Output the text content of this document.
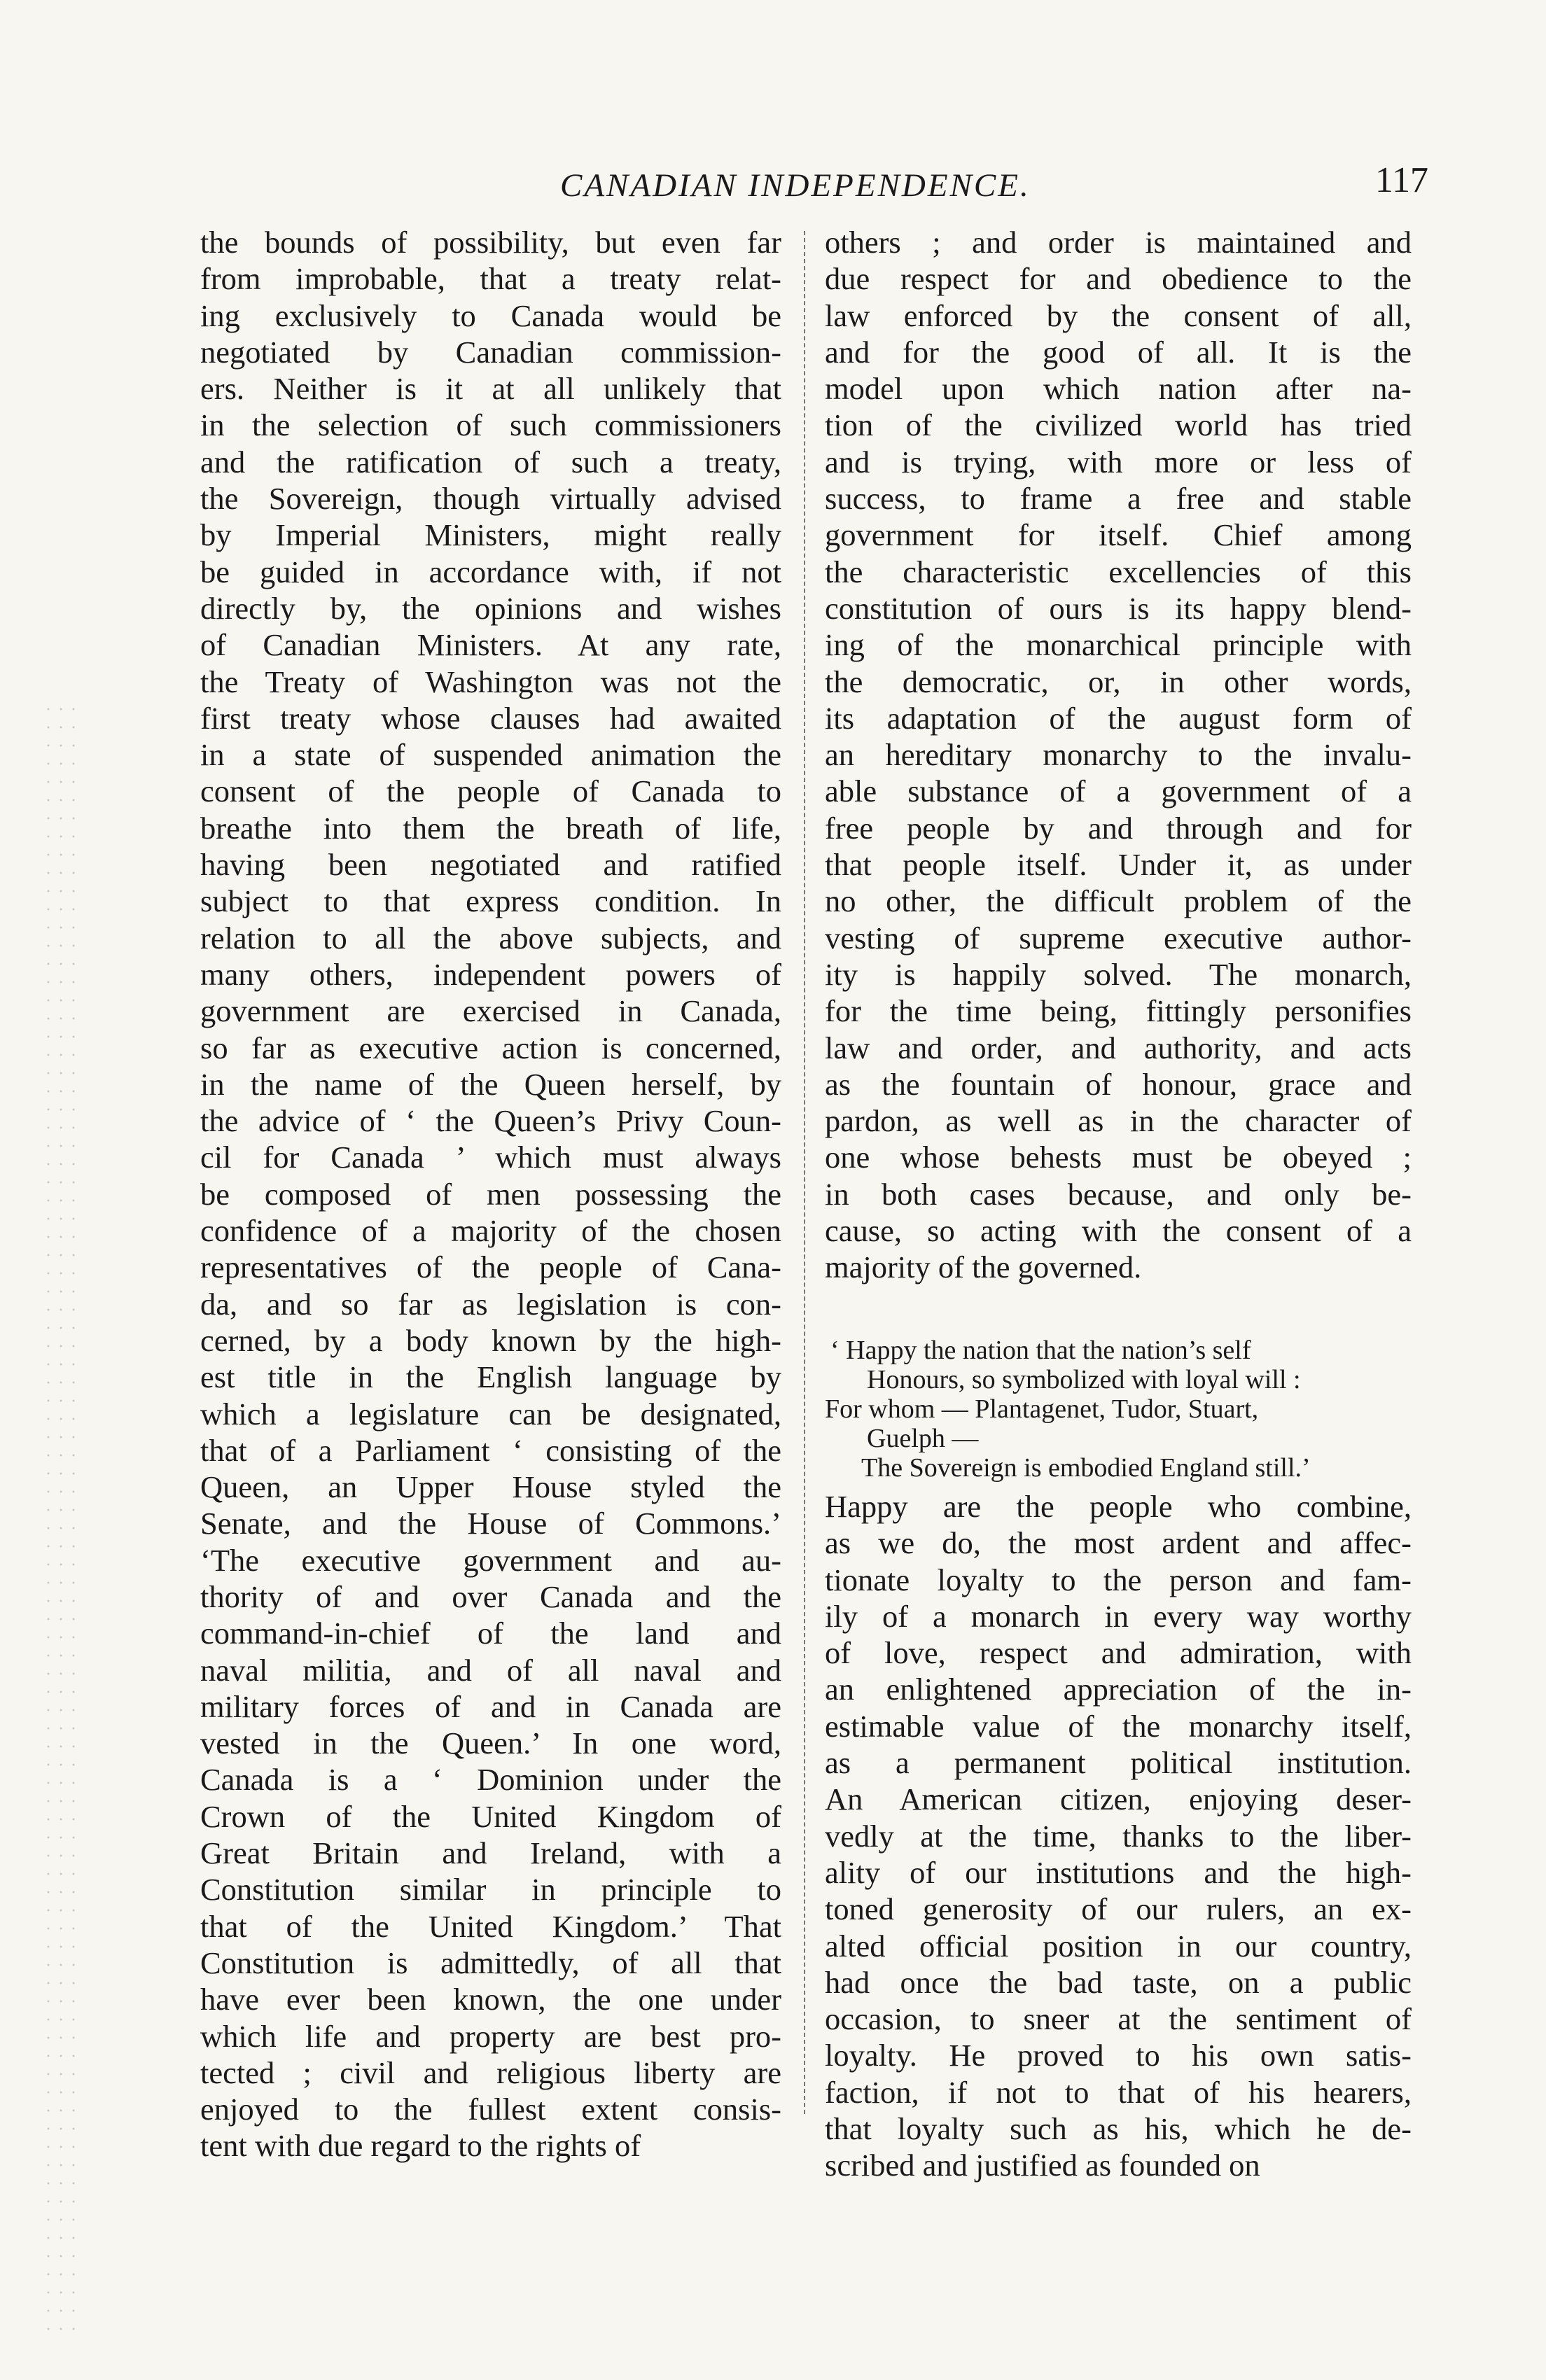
CANADIAN INDEPENDENCE.	117
the bounds of possibility, but even far
from improbable, that a treaty relat-
ing exclusively to Canada would be
negotiated by Canadian commission-
ers. Neither is it at all unlikely that
in the selection of such commissioners
and the ratification of such a treaty,
the Sovereign, though virtually advised
by Imperial Ministers, might really
be guided in accordance with, if not
directly by, the opinions and wishes
of Canadian Ministers. At any rate,
the Treaty of Washington was not the
first treaty whose clauses had awaited
in a state of suspended animation the
consent of the people of Canada to
breathe into them the breath of life,
having been negotiated and ratified
subject to that express condition. In
relation to all the above subjects, and
many others, independent powers of
government are exercised in Canada,
so far as executive action is concerned,
in the name of the Queen herself, by
the advice of ‘ the Queen’s Privy Coun-
cil for Canada ’ which must always
be composed of men possessing the
confidence of a majority of the chosen
representatives of the people of Cana-
da, and so far as legislation is con-
cerned, by a body known by the high-
est title in the English language by
which a legislature can be designated,
that of a Parliament ‘ consisting of the
Queen, an Upper House styled the
Senate, and the House of Commons.’
‘The executive government and au-
thority of and over Canada and the
command-in-chief of the land and
naval militia, and of all naval and
military forces of and in Canada are
vested in the Queen.’ In one word,
Canada is a ‘ Dominion under the
Crown of the United Kingdom of
Great Britain and Ireland, with a
Constitution similar in principle to
that of the United Kingdom.’ That
Constitution is admittedly, of all that
have ever been known, the one under
which life and property are best pro-
tected ; civil and religious liberty are
enjoyed to the fullest extent consis-
tent with due regard to the rights of
others ; and order is maintained and
due respect for and obedience to the
law enforced by the consent of all,
and for the good of all. It is the
model upon which nation after na-
tion of the civilized world has tried
and is trying, with more or less of
success, to frame a free and stable
government for itself. Chief among
the characteristic excellencies of this
constitution of ours is its happy blend-
ing of the monarchical principle with
the democratic, or, in other words,
its adaptation of the august form of
an hereditary monarchy to the invalu-
able substance of a government of a
free people by and through and for
that people itself. Under it, as under
no other, the difficult problem of the
vesting of supreme executive author-
ity is happily solved. The monarch,
for the time being, fittingly personifies
law and order, and authority, and acts
as the fountain of honour, grace and
pardon, as well as in the character of
one whose behests must be obeyed ;
in both cases because, and only be-
cause, so acting with the consent of a
majority of the governed.
‘ Happy the nation that the nation’s self
Honours, so symbolized with loyal will :
For whom — Plantagenet, Tudor, Stuart,
Guelph —
The Sovereign is embodied England still.’
Happy are the people who combine,
as we do, the most ardent and affec-
tionate loyalty to the person and fam-
ily of a monarch in every way worthy
of love, respect and admiration, with
an enlightened appreciation of the in-
estimable value of the monarchy itself,
as a permanent political institution.
An American citizen, enjoying deser-
vedly at the time, thanks to the liber-
ality of our institutions and the high-
toned generosity of our rulers, an ex-
alted official position in our country,
had once the bad taste, on a public
occasion, to sneer at the sentiment of
loyalty. He proved to his own satis-
faction, if not to that of his hearers,
that loyalty such as his, which he de-
scribed and justified as founded on
